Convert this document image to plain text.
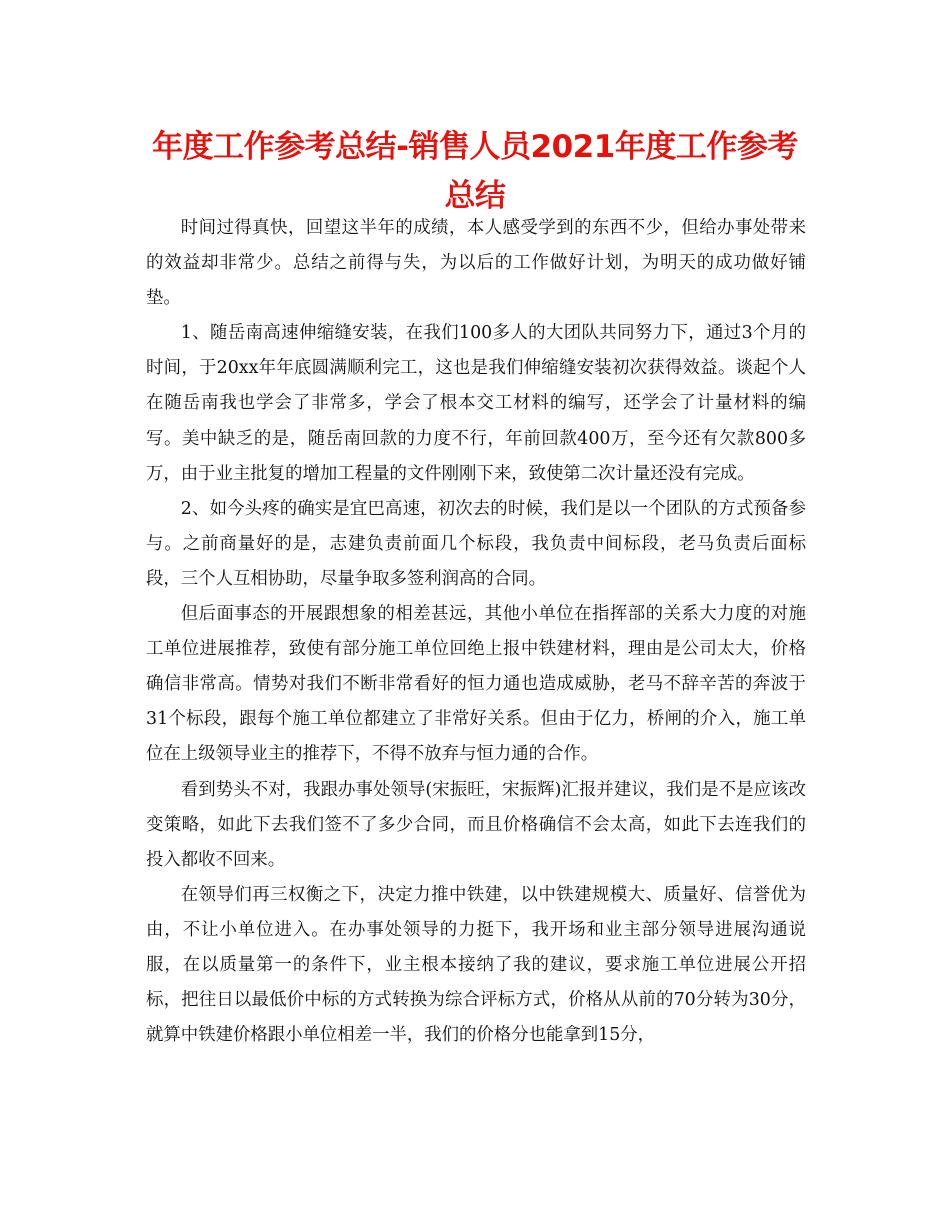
年度工作参考总结-销售人员2021年度工作参考总结

时间过得真快，回望这半年的成绩，本人感受学到的东西不少，但给办事处带来的效益却非常少。总结之前得与失，为以后的工作做好计划，为明天的成功做好铺垫。

1、随岳南高速伸缩缝安装，在我们100多人的大团队共同努力下，通过3个月的时间，于20xx年年底圆满顺利完工，这也是我们伸缩缝安装初次获得效益。谈起个人在随岳南我也学会了非常多，学会了根本交工材料的编写，还学会了计量材料的编写。美中缺乏的是，随岳南回款的力度不行，年前回款400万，至今还有欠款800多万，由于业主批复的增加工程量的文件刚刚下来，致使第二次计量还没有完成。

2、如今头疼的确实是宜巴高速，初次去的时候，我们是以一个团队的方式预备参与。之前商量好的是，志建负责前面几个标段，我负责中间标段，老马负责后面标段，三个人互相协助，尽量争取多签利润高的合同。

但后面事态的开展跟想象的相差甚远，其他小单位在指挥部的关系大力度的对施工单位进展推荐，致使有部分施工单位回绝上报中铁建材料，理由是公司太大，价格确信非常高。情势对我们不断非常看好的恒力通也造成威胁，老马不辞辛苦的奔波于31个标段，跟每个施工单位都建立了非常好关系。但由于亿力，桥闸的介入，施工单位在上级领导业主的推荐下，不得不放弃与恒力通的合作。

看到势头不对，我跟办事处领导(宋振旺，宋振辉)汇报并建议，我们是不是应该改变策略，如此下去我们签不了多少合同，而且价格确信不会太高，如此下去连我们的投入都收不回来。

在领导们再三权衡之下，决定力推中铁建，以中铁建规模大、质量好、信誉优为由，不让小单位进入。在办事处领导的力挺下，我开场和业主部分领导进展沟通说服，在以质量第一的条件下，业主根本接纳了我的建议，要求施工单位进展公开招标，把往日以最低价中标的方式转换为综合评标方式，价格从从前的70分转为30分，就算中铁建价格跟小单位相差一半，我们的价格分也能拿到15分，
